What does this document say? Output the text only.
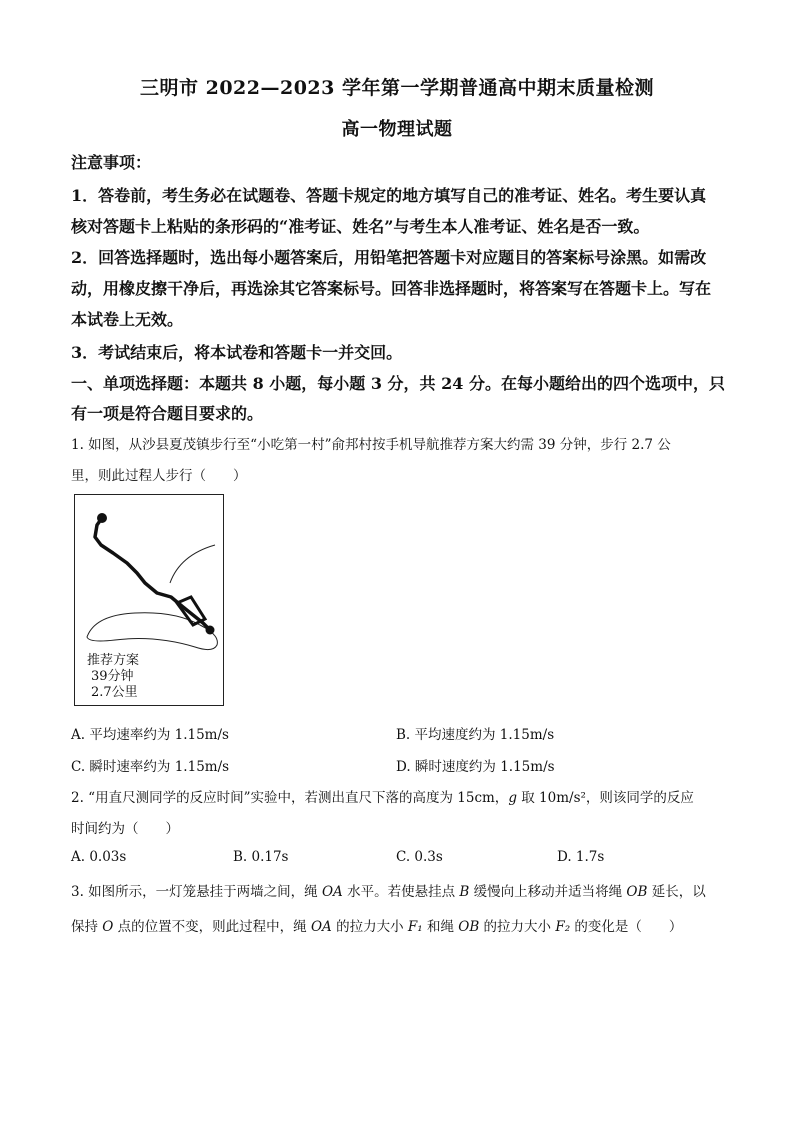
三明市 2022—2023 学年第一学期普通高中期末质量检测
高一物理试题
注意事项：
1．答卷前，考生务必在试题卷、答题卡规定的地方填写自己的准考证、姓名。考生要认真
核对答题卡上粘贴的条形码的“准考证、姓名”与考生本人准考证、姓名是否一致。
2．回答选择题时，选出每小题答案后，用铅笔把答题卡对应题目的答案标号涂黑。如需改
动，用橡皮擦干净后，再选涂其它答案标号。回答非选择题时，将答案写在答题卡上。写在
本试卷上无效。
3．考试结束后，将本试卷和答题卡一并交回。
一、单项选择题：本题共 8 小题，每小题 3 分，共 24 分。在每小题给出的四个选项中，只
有一项是符合题目要求的。
1. 如图，从沙县夏茂镇步行至“小吃第一村”俞邦村按手机导航推荐方案大约需 39 分钟，步行 2.7 公
里，则此过程人步行（　　）
推荐方案
39分钟
2.7公里
A. 平均速率约为 1.15m/s	B. 平均速度约为 1.15m/s
C. 瞬时速率约为 1.15m/s	D. 瞬时速度约为 1.15m/s
2. “用直尺测同学的反应时间”实验中，若测出直尺下落的高度为 15cm，g 取 10m/s²，则该同学的反应
时间约为（　　）
A. 0.03s	B. 0.17s	C. 0.3s	D. 1.7s
3. 如图所示，一灯笼悬挂于两墙之间，绳 OA 水平。若使悬挂点 B 缓慢向上移动并适当将绳 OB 延长，以
保持 O 点的位置不变，则此过程中，绳 OA 的拉力大小 F₁ 和绳 OB 的拉力大小 F₂ 的变化是（　　）
